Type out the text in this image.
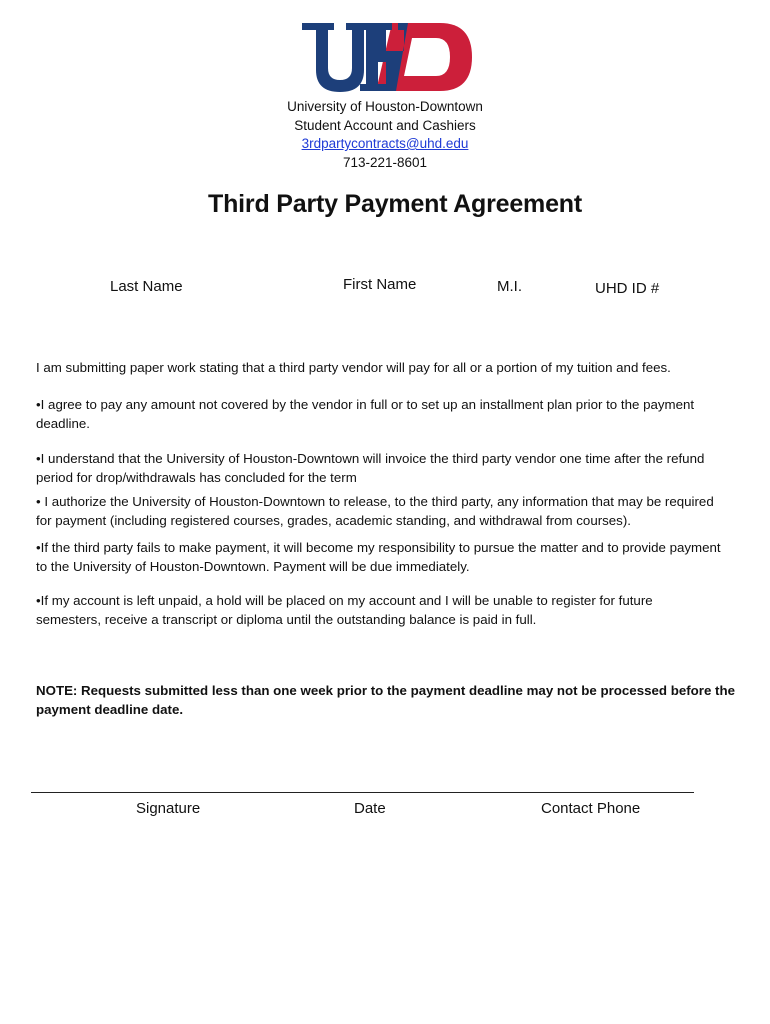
University of Houston-Downtown
Student Account and Cashiers
3rdpartycontracts@uhd.edu
713-221-8601
Third Party Payment Agreement
Last Name	First Name	M.I.	UHD ID #
I am submitting paper work stating that a third party vendor will pay for all or a portion of my tuition and fees.
•I agree to pay any amount not covered by the vendor in full or to set up an installment plan prior to the payment deadline.
•I understand that the University of Houston-Downtown will invoice the third party vendor one time after the refund period for drop/withdrawals has concluded for the term
• I authorize the University of Houston-Downtown to release, to the third party, any information that may be required for payment (including registered courses, grades, academic standing, and withdrawal from courses).
•If the third party fails to make payment, it will become my responsibility to pursue the matter and to provide payment to the University of Houston-Downtown. Payment will be due immediately.
•If my account is left unpaid, a hold will be placed on my account and I will be unable to register for future semesters, receive a transcript or diploma until the outstanding balance is paid in full.
NOTE: Requests submitted less than one week prior to the payment deadline may not be processed before the payment deadline date.
Signature	Date	Contact Phone
